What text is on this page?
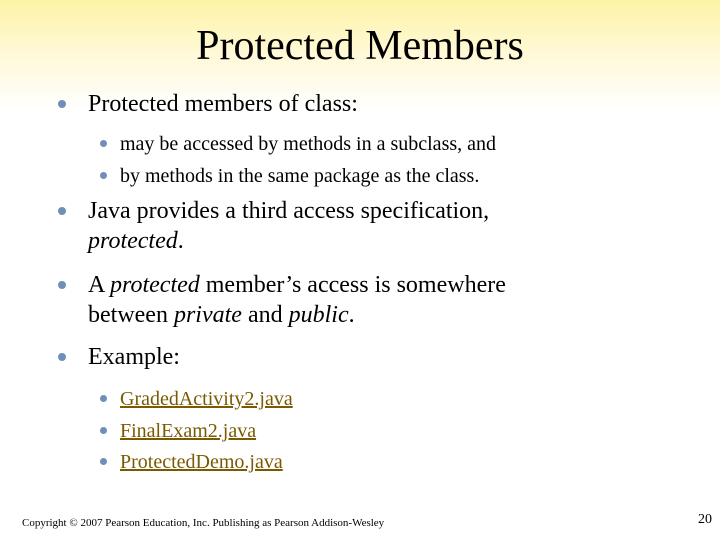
Protected Members
Protected members of class:
may be accessed by methods in a subclass, and
by methods in the same package as the class.
Java provides a third access specification,
protected.
A protected member’s access is somewhere
between private and public.
Example:
GradedActivity2.java
FinalExam2.java
ProtectedDemo.java
Copyright © 2007 Pearson Education, Inc. Publishing as Pearson Addison-Wesley	20
